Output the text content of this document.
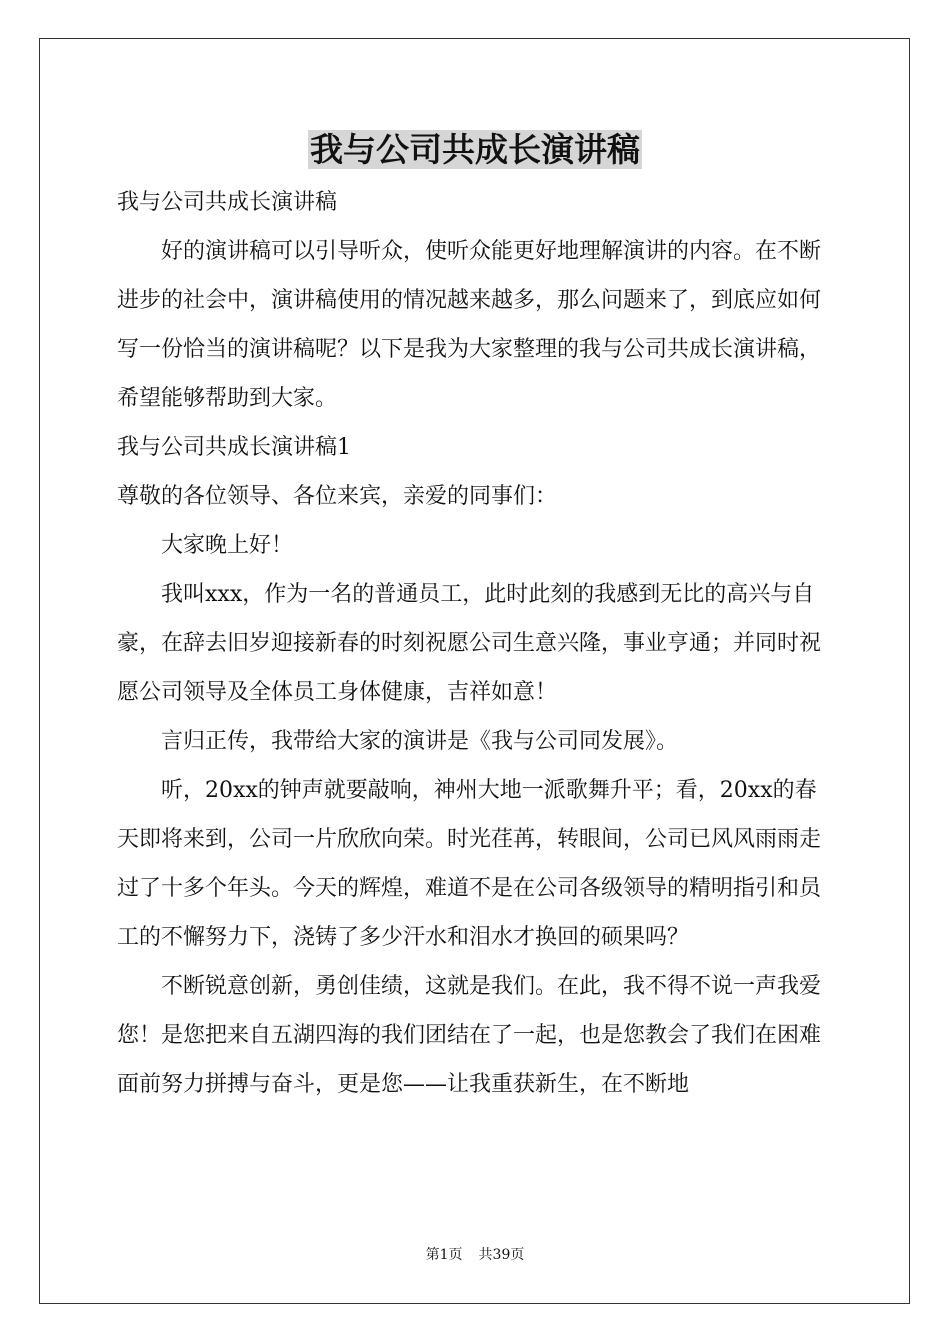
我与公司共成长演讲稿

我与公司共成长演讲稿

好的演讲稿可以引导听众，使听众能更好地理解演讲的内容。在不断进步的社会中，演讲稿使用的情况越来越多，那么问题来了，到底应如何写一份恰当的演讲稿呢？以下是我为大家整理的我与公司共成长演讲稿，希望能够帮助到大家。

我与公司共成长演讲稿1

尊敬的各位领导、各位来宾，亲爱的同事们：

大家晚上好！

我叫xxx，作为一名的普通员工，此时此刻的我感到无比的高兴与自豪，在辞去旧岁迎接新春的时刻祝愿公司生意兴隆，事业亨通；并同时祝愿公司领导及全体员工身体健康，吉祥如意！

言归正传，我带给大家的演讲是《我与公司同发展》。

听，20xx的钟声就要敲响，神州大地一派歌舞升平；看，20xx的春天即将来到，公司一片欣欣向荣。时光荏苒，转眼间，公司已风风雨雨走过了十多个年头。今天的辉煌，难道不是在公司各级领导的精明指引和员工的不懈努力下，浇铸了多少汗水和泪水才换回的硕果吗？

不断锐意创新，勇创佳绩，这就是我们。在此，我不得不说一声我爱您！是您把来自五湖四海的我们团结在了一起，也是您教会了我们在困难面前努力拼搏与奋斗，更是您——让我重获新生，在不断地

第1页 共39页
